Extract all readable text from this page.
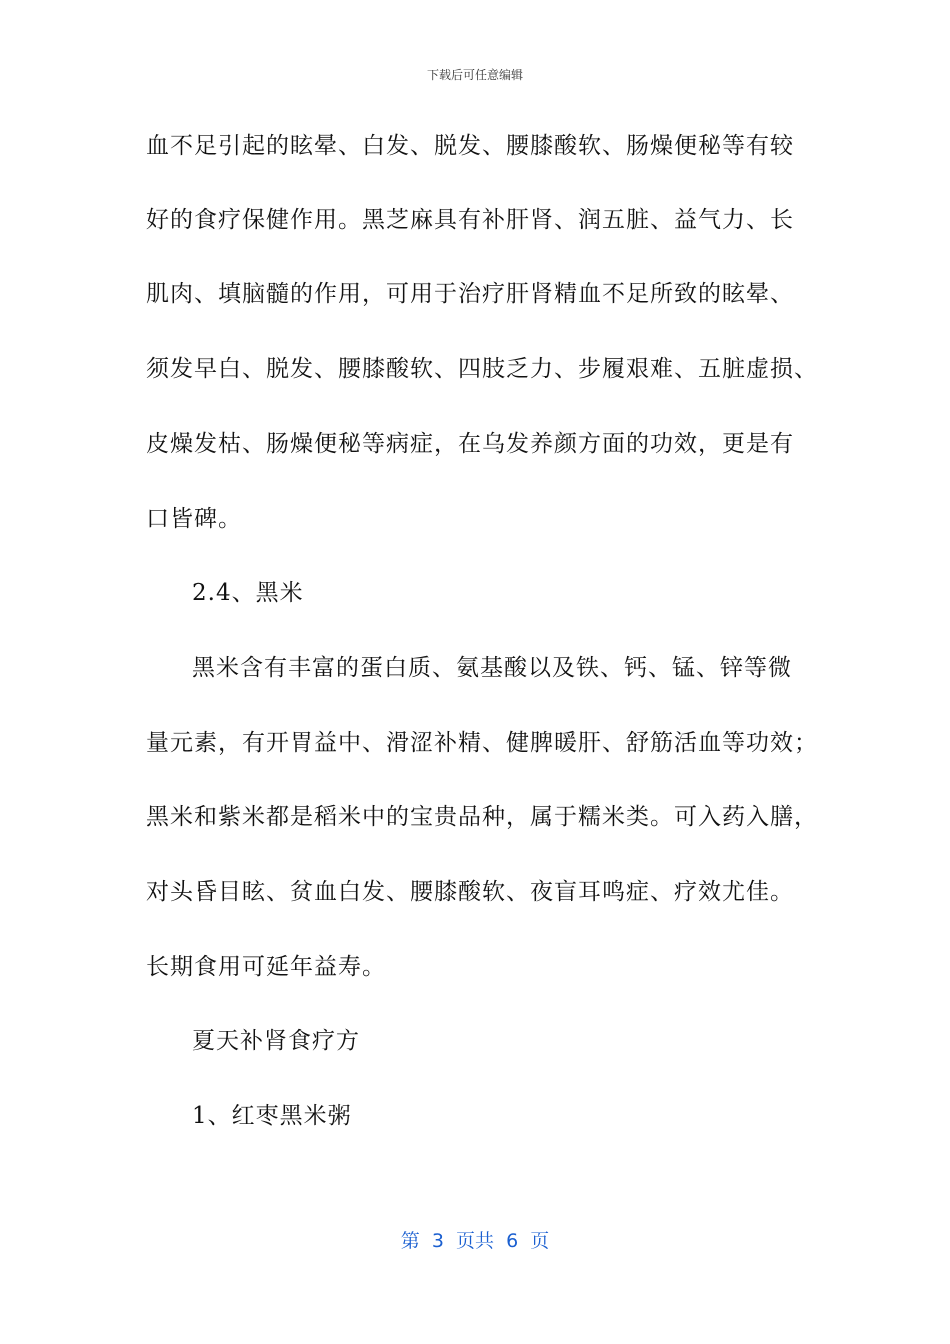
下载后可任意编辑
血不足引起的眩晕、白发、脱发、腰膝酸软、肠燥便秘等有较
好的食疗保健作用。黑芝麻具有补肝肾、润五脏、益气力、长
肌肉、填脑髓的作用，可用于治疗肝肾精血不足所致的眩晕、
须发早白、脱发、腰膝酸软、四肢乏力、步履艰难、五脏虚损、
皮燥发枯、肠燥便秘等病症，在乌发养颜方面的功效，更是有
口皆碑。
2.4、黑米
黑米含有丰富的蛋白质、氨基酸以及铁、钙、锰、锌等微
量元素，有开胃益中、滑涩补精、健脾暖肝、舒筋活血等功效；
黑米和紫米都是稻米中的宝贵品种，属于糯米类。可入药入膳，
对头昏目眩、贫血白发、腰膝酸软、夜盲耳鸣症、疗效尤佳。
长期食用可延年益寿。
夏天补肾食疗方
1、红枣黑米粥
第  3  页共  6  页
